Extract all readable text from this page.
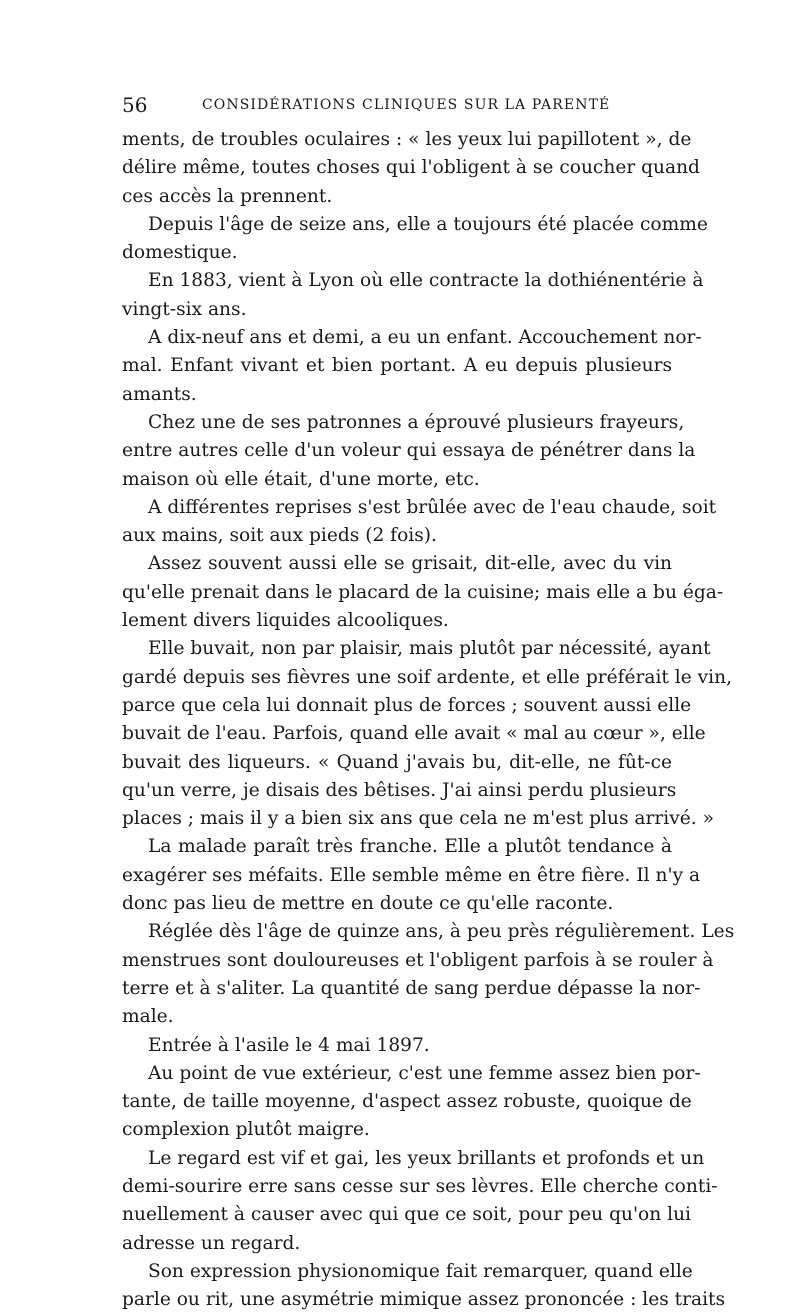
56	CONSIDÉRATIONS CLINIQUES SUR LA PARENTÉ
ments, de troubles oculaires : « les yeux lui papillotent », de
délire même, toutes choses qui l'obligent à se coucher quand
ces accès la prennent.
Depuis l'âge de seize ans, elle a toujours été placée comme
domestique.
En 1883, vient à Lyon où elle contracte la dothiénentérie à
vingt-six ans.
A dix-neuf ans et demi, a eu un enfant. Accouchement nor-
mal. Enfant vivant et bien portant. A eu depuis plusieurs
amants.
Chez une de ses patronnes a éprouvé plusieurs frayeurs,
entre autres celle d'un voleur qui essaya de pénétrer dans la
maison où elle était, d'une morte, etc.
A différentes reprises s'est brûlée avec de l'eau chaude, soit
aux mains, soit aux pieds (2 fois).
Assez souvent aussi elle se grisait, dit-elle, avec du vin
qu'elle prenait dans le placard de la cuisine; mais elle a bu éga-
lement divers liquides alcooliques.
Elle buvait, non par plaisir, mais plutôt par nécessité, ayant
gardé depuis ses fièvres une soif ardente, et elle préférait le vin,
parce que cela lui donnait plus de forces ; souvent aussi elle
buvait de l'eau. Parfois, quand elle avait « mal au cœur », elle
buvait des liqueurs. « Quand j'avais bu, dit-elle, ne fût-ce
qu'un verre, je disais des bêtises. J'ai ainsi perdu plusieurs
places ; mais il y a bien six ans que cela ne m'est plus arrivé. »
La malade paraît très franche. Elle a plutôt tendance à
exagérer ses méfaits. Elle semble même en être fière. Il n'y a
donc pas lieu de mettre en doute ce qu'elle raconte.
Réglée dès l'âge de quinze ans, à peu près régulièrement. Les
menstrues sont douloureuses et l'obligent parfois à se rouler à
terre et à s'aliter. La quantité de sang perdue dépasse la nor-
male.
Entrée à l'asile le 4 mai 1897.
Au point de vue extérieur, c'est une femme assez bien por-
tante, de taille moyenne, d'aspect assez robuste, quoique de
complexion plutôt maigre.
Le regard est vif et gai, les yeux brillants et profonds et un
demi-sourire erre sans cesse sur ses lèvres. Elle cherche conti-
nuellement à causer avec qui que ce soit, pour peu qu'on lui
adresse un regard.
Son expression physionomique fait remarquer, quand elle
parle ou rit, une asymétrie mimique assez prononcée : les traits
